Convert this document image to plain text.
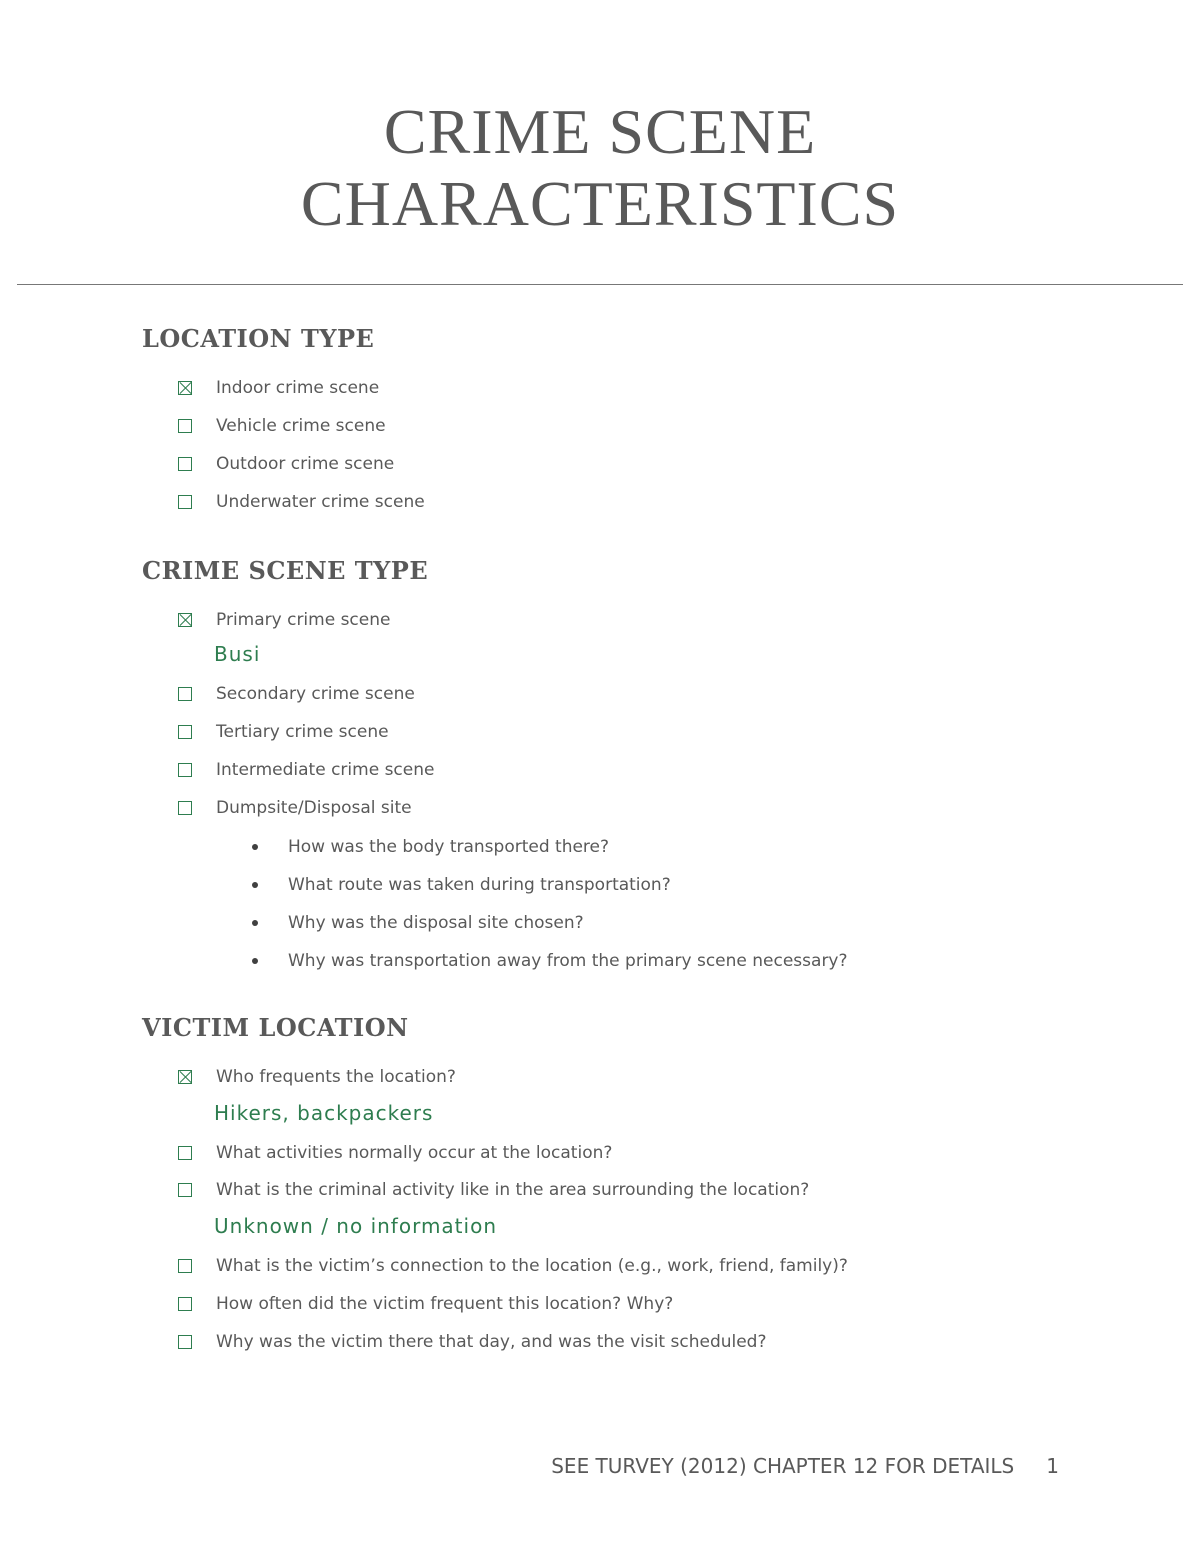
CRIME SCENE
CHARACTERISTICS
LOCATION TYPE
Indoor crime scene
Vehicle crime scene
Outdoor crime scene
Underwater crime scene
CRIME SCENE TYPE
Primary crime scene
Busi
Secondary crime scene
Tertiary crime scene
Intermediate crime scene
Dumpsite/Disposal site
How was the body transported there?
What route was taken during transportation?
Why was the disposal site chosen?
Why was transportation away from the primary scene necessary?
VICTIM LOCATION
Who frequents the location?
Hikers, backpackers
What activities normally occur at the location?
What is the criminal activity like in the area surrounding the location?
Unknown / no information
What is the victim’s connection to the location (e.g., work, friend, family)?
How often did the victim frequent this location? Why?
Why was the victim there that day, and was the visit scheduled?
SEE TURVEY (2012) CHAPTER 12 FOR DETAILS 1
